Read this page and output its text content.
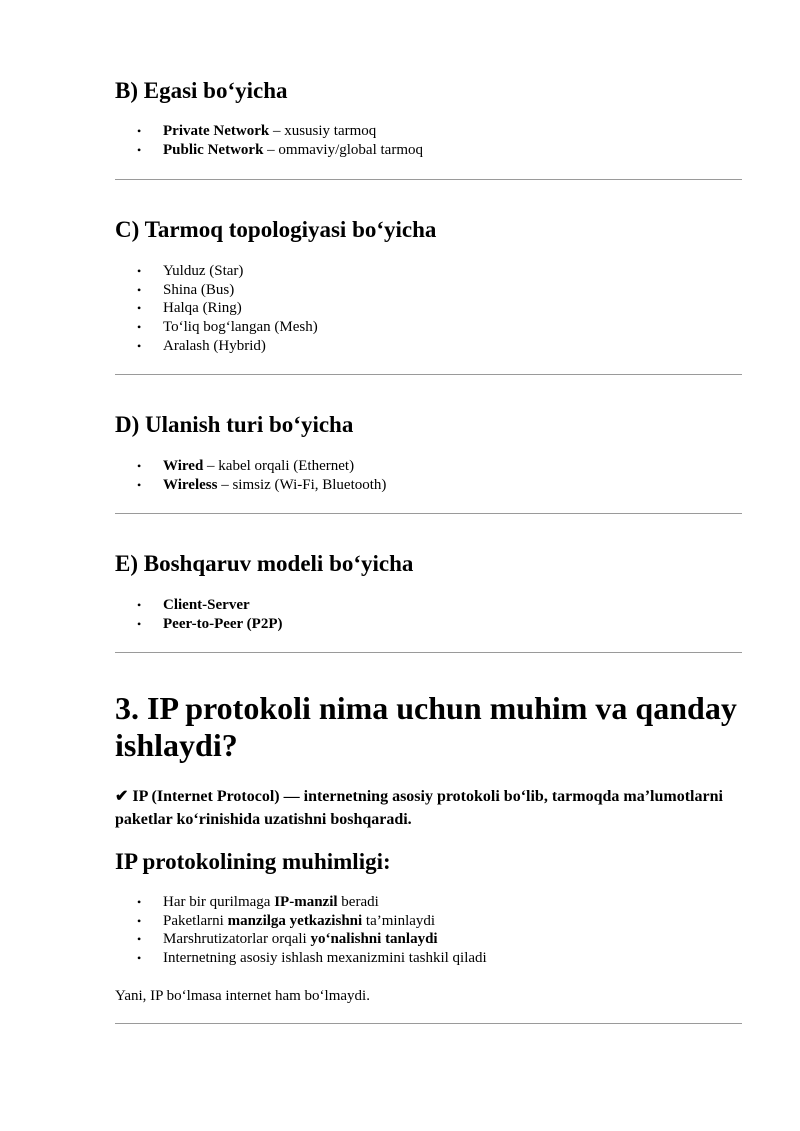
B) Egasi bo‘yicha
• Private Network – xususiy tarmoq
• Public Network – ommaviy/global tarmoq
C) Tarmoq topologiyasi bo‘yicha
• Yulduz (Star)
• Shina (Bus)
• Halqa (Ring)
• To‘liq bog‘langan (Mesh)
• Aralash (Hybrid)
D) Ulanish turi bo‘yicha
• Wired – kabel orqali (Ethernet)
• Wireless – simsiz (Wi-Fi, Bluetooth)
E) Boshqaruv modeli bo‘yicha
• Client-Server
• Peer-to-Peer (P2P)
3. IP protokoli nima uchun muhim va qanday ishlaydi?
✔ IP (Internet Protocol) — internetning asosiy protokoli bo‘lib, tarmoqda ma’lumotlarni paketlar ko‘rinishida uzatishni boshqaradi.
IP protokolining muhimligi:
• Har bir qurilmaga IP-manzil beradi
• Paketlarni manzilga yetkazishni ta’minlaydi
• Marshrutizatorlar orqali yo‘nalishni tanlaydi
• Internetning asosiy ishlash mexanizmini tashkil qiladi
Yani, IP bo‘lmasa internet ham bo‘lmaydi.
